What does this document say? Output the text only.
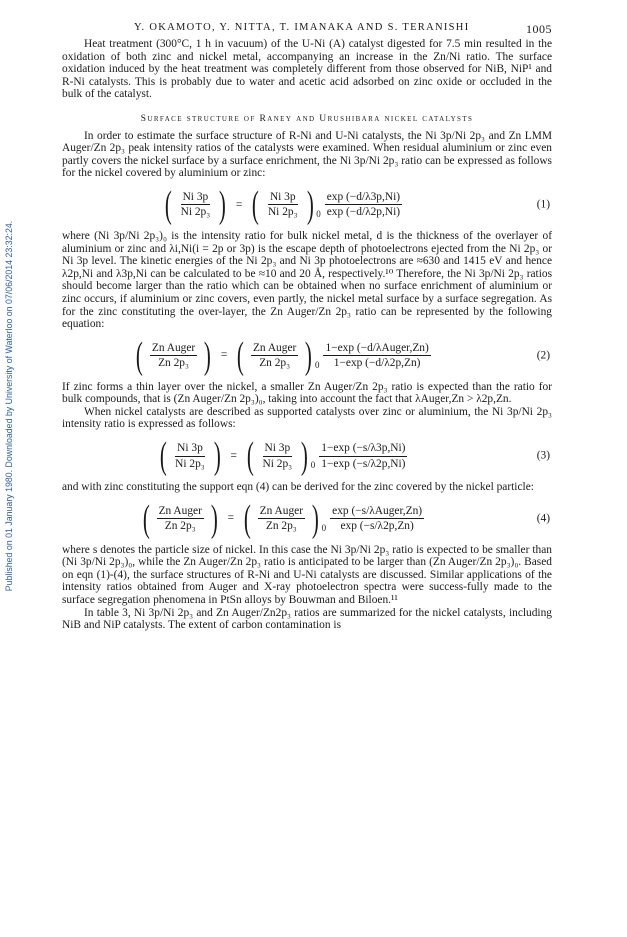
Y. OKAMOTO, Y. NITTA, T. IMANAKA AND S. TERANISHI	1005
Published on 01 January 1980. Downloaded by University of Waterloo on 07/06/2014 23:32:24.

Heat treatment (300°C, 1 h in vacuum) of the U-Ni (A) catalyst digested for 7.5 min resulted in the oxidation of both zinc and nickel metal, accompanying an increase in the Zn/Ni ratio. The surface oxidation induced by the heat treatment was completely different from those observed for NiB, NiP¹ and R-Ni catalysts. This is probably due to water and acetic acid adsorbed on zinc oxide or occluded in the bulk of the catalyst.

Surface structure of Raney and Urushibara nickel catalysts

In order to estimate the surface structure of R-Ni and U-Ni catalysts, the Ni 3p/Ni 2p₃ and Zn LMM Auger/Zn 2p₃ peak intensity ratios of the catalysts were examined. When residual aluminium or zinc even partly covers the nickel surface by a surface enrichment, the Ni 3p/Ni 2p₃ ratio can be expressed as follows for the nickel covered by aluminium or zinc:

( $\frac{Ni 3p}{\text{Ni 2p₃}}$ ) = ( $\frac{Ni 3p}{\text{Ni 2p₃}}$ ) $0 \frac{\exp (-d/\lambda 3p,Ni)}{\exp (-d/\lambda 2p,Ni)}$	(1)

where (Ni 3p/Ni 2p₃)₀ is the intensity ratio for bulk nickel metal, d is the thickness of the overlayer of aluminium or zinc and λi,Ni(i = 2p or 3p) is the escape depth of photoelectrons ejected from the Ni 2p₃ or Ni 3p level. The kinetic energies of the Ni 2p₃ and Ni 3p photoelectrons are ≈630 and 1415 eV and hence λ2p,Ni and λ3p,Ni can be calculated to be ≈10 and 20 Å, respectively.¹⁰ Therefore, the Ni 3p/Ni 2p₃ ratios should become larger than the ratio which can be obtained when no surface enrichment of aluminium or zinc occurs, if aluminium or zinc covers, even partly, the nickel metal surface by a surface segregation. As for the zinc constituting the over-layer, the Zn Auger/Zn 2p₃ ratio can be represented by the following equation:

( $\frac{\text{Zn Auger}}{\text{Zn 2p₃}}$ ) = ( $\frac{\text{Zn Auger}}{\text{Zn 2p₃}}$ ) $0 \frac{\text{1−exp (−d/λAuger,Zn)}}{1-\exp (-d/\lambda 2p,Zn)}$	(2)

If zinc forms a thin layer over the nickel, a smaller Zn Auger/Zn 2p₃ ratio is expected than the ratio for bulk compounds, that is (Zn Auger/Zn 2p₃)₀, taking into account the fact that λAuger,Zn > λ2p,Zn.

When nickel catalysts are described as supported catalysts over zinc or aluminium, the Ni 3p/Ni 2p₃ intensity ratio is expressed as follows:

( $\frac{Ni 3p}{\text{Ni 2p₃}}$ ) = ( $\frac{Ni 3p}{\text{Ni 2p₃}}$ ) $0 \frac{1-\exp (-s/\lambda 3p,Ni)}{1-\exp (-s/\lambda 2p,Ni)}$	(3)

and with zinc constituting the support eqn (4) can be derived for the zinc covered by the nickel particle:

( $\frac{\text{Zn Auger}}{\text{Zn 2p₃}}$ ) = ( $\frac{\text{Zn Auger}}{\text{Zn 2p₃}}$ ) $0 \frac{\text{exp (−s/λAuger,Zn)}}{\exp (-s/\lambda 2p,Zn)}$	(4)

where s denotes the particle size of nickel. In this case the Ni 3p/Ni 2p₃ ratio is expected to be smaller than (Ni 3p/Ni 2p₃)₀, while the Zn Auger/Zn 2p₃ ratio is anticipated to be larger than (Zn Auger/Zn 2p₃)₀. Based on eqn (1)-(4), the surface structures of R-Ni and U-Ni catalysts are discussed. Similar applications of the intensity ratios obtained from Auger and X-ray photoelectron spectra were success-fully made to the surface segregation phenomena in PtSn alloys by Bouwman and Biloen.¹¹

In table 3, Ni 3p/Ni 2p₃ and Zn Auger/Zn2p₃ ratios are summarized for the nickel catalysts, including NiB and NiP catalysts. The extent of carbon contamination is
